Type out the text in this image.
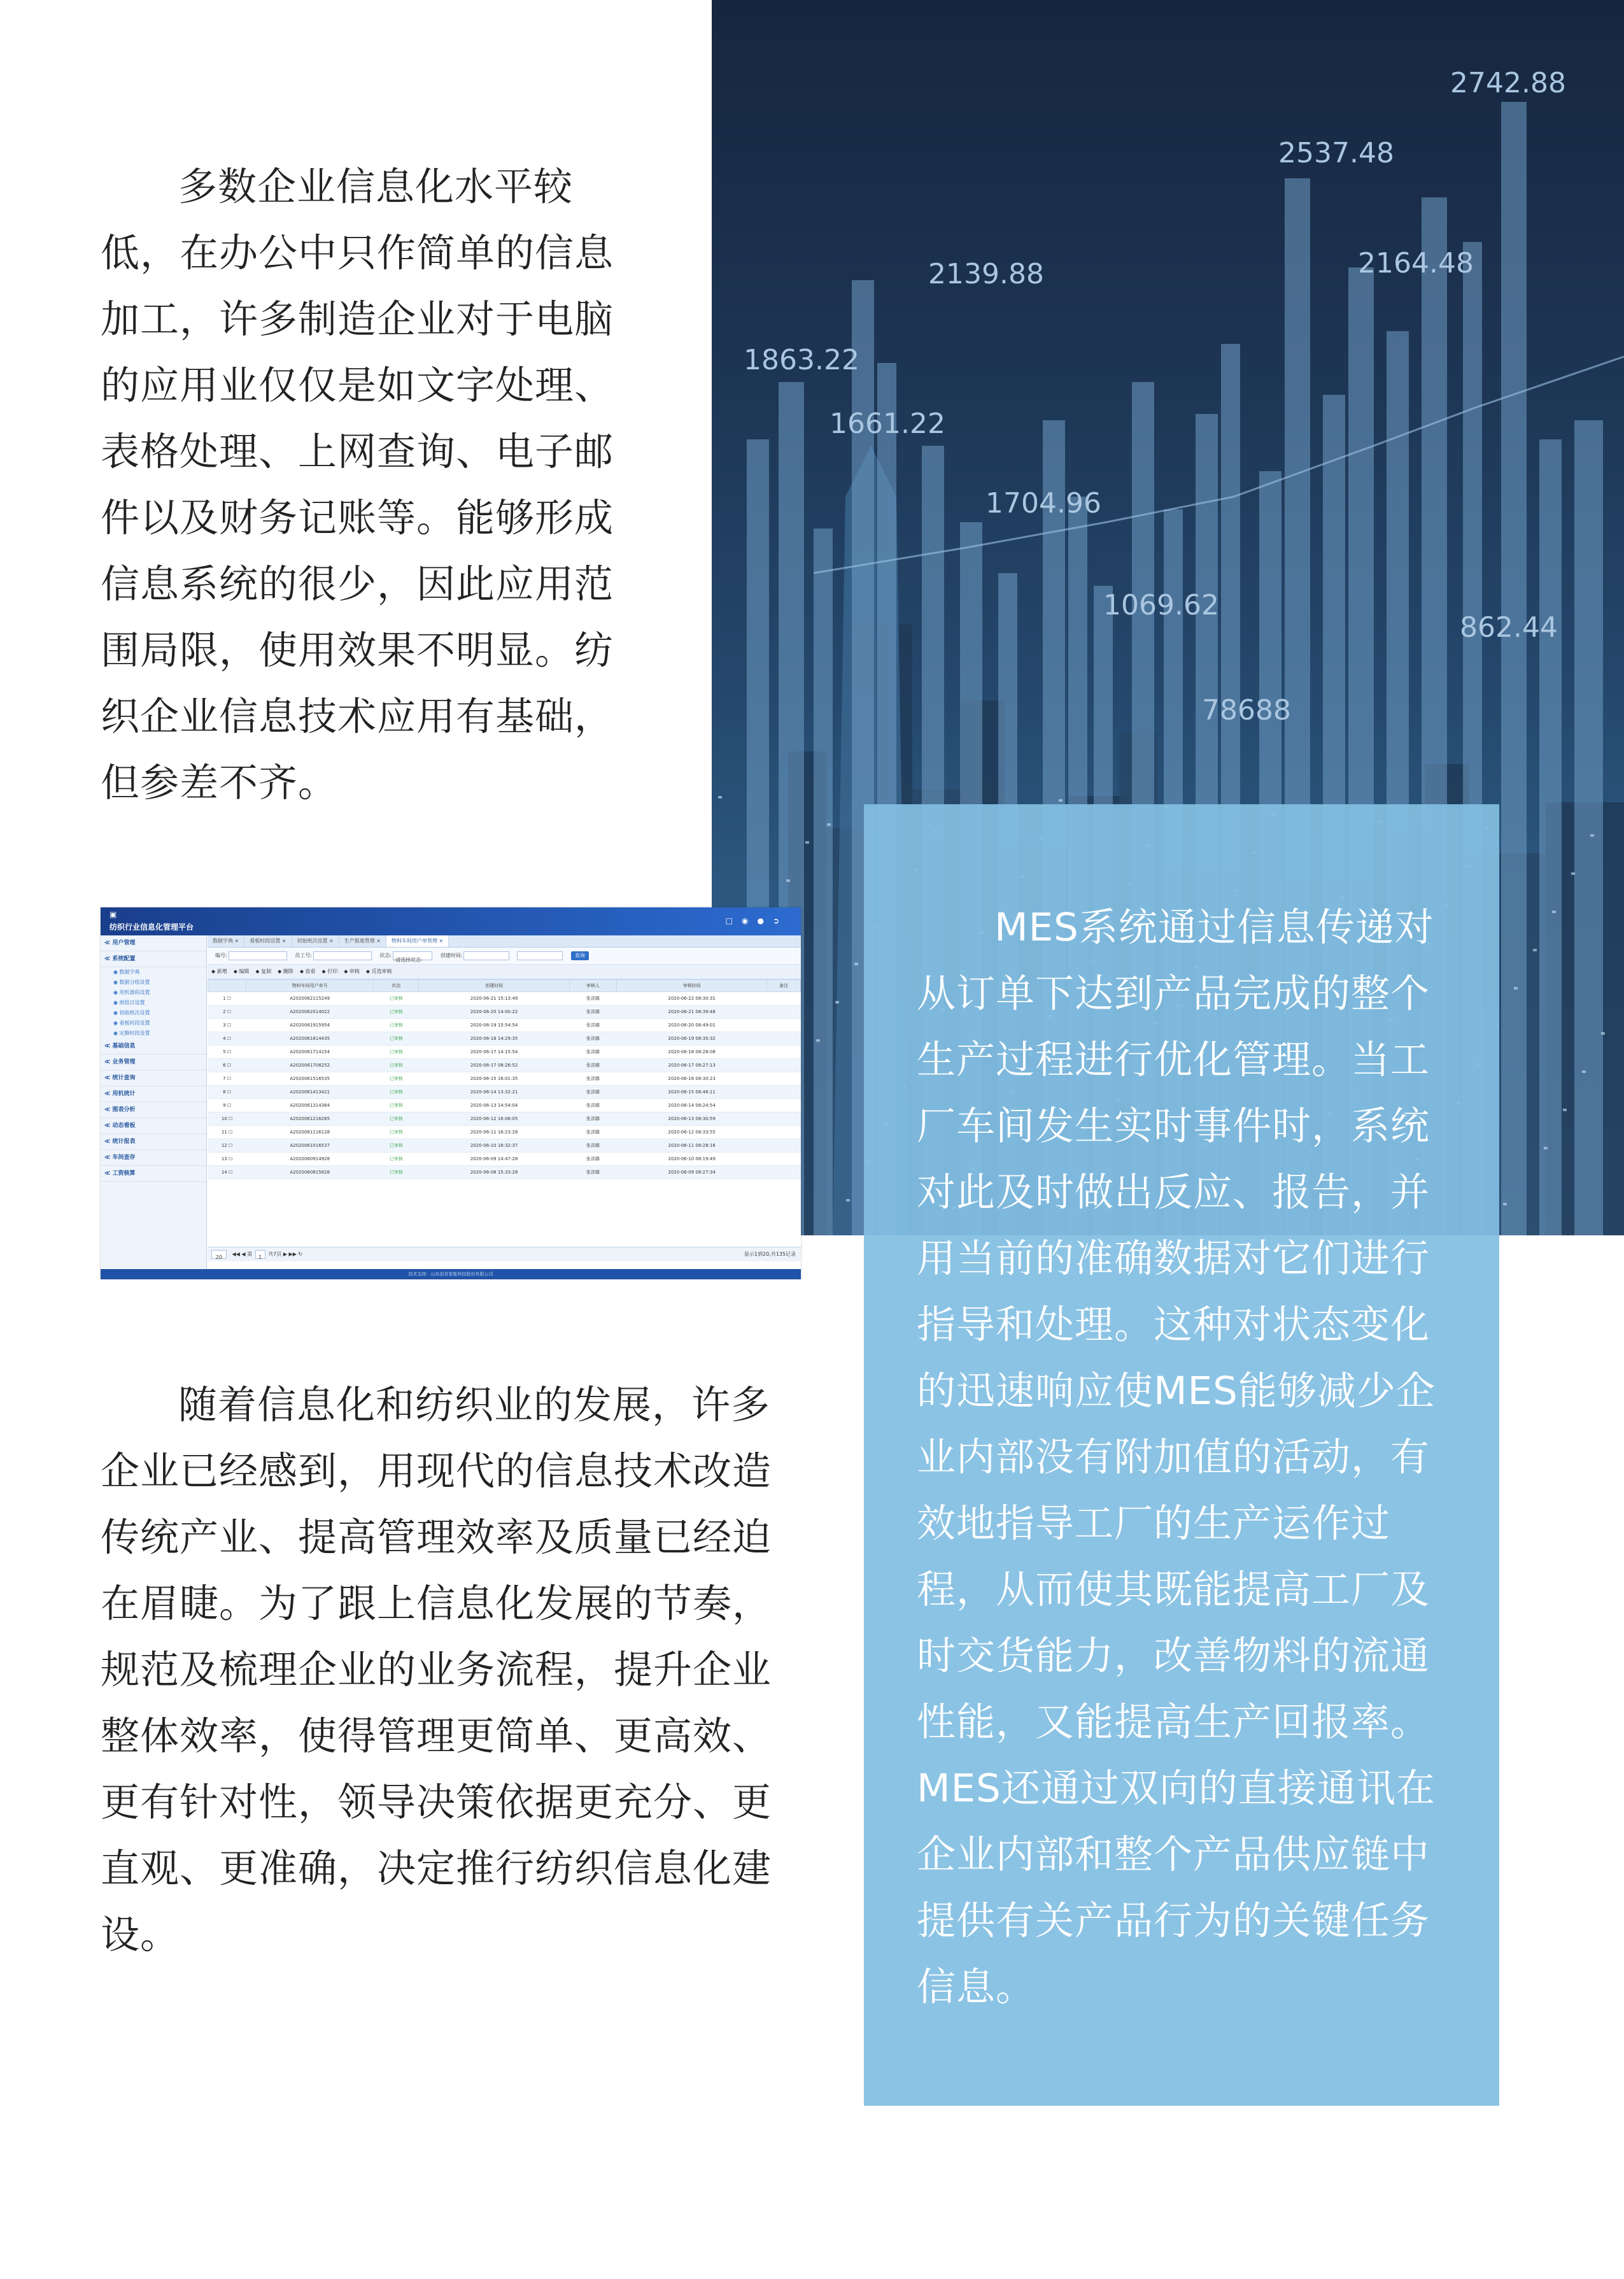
多数企业信息化水平较低，在办公中只作简单的信息加工，许多制造企业对于电脑的应用业仅仅是如文字处理、表格处理、上网查询、电子邮件以及财务记账等。能够形成信息系统的很少，因此应用范围局限，使用效果不明显。纺织企业信息技术应用有基础，但参差不齐。

2742.88
2537.48
2164.48
2139.88
1863.22
1661.22
1704.96
1069.62
862.44
78688
▣
纺织行业信息化管理平台
□◉●➲
≪ 用户管理
≪ 系统配置
◉ 数据字典
◉ 数据分组设置
◉ 用机器码设置
◉ 班组日设置
◉ 初始班次设置
◉ 看板时段设置
◉ 定额时段设置
≪ 基础信息
≪ 业务管理
≪ 统计查询
≪ 用机统计
≪ 图表分析
≪ 动态看板
≪ 统计报表
≪ 车间查存
≪ 工资核算
数据字典 × 看板时段设置 × 初始班次设置 × 生产报废管理 × 物料车间用户单管理 ×
编号:	员工号:	状态:-请选择状态- 创建时间:	查询
◆ 新增 ◆ 编辑 ◆ 复制 ◆ 删除 ◆ 查看 ◆ 打印 ◆ 审核 ◆ 反选审核
	物料车间用户单号	状态	创建时间	审核人	审核时间	备注
1 ☐	A2020062115249	已审核	2020-06-21 15:13:49	张洪娜	2020-06-22 08:30:31	
2 ☐	A2020062014022	已审核	2020-06-20 14:00:22	张洪娜	2020-06-21 08:39:48	
3 ☐	A2020061915954	已审核	2020-06-19 15:54:54	张洪娜	2020-06-20 08:49:01	
4 ☐	A2020061814435	已审核	2020-06-18 14:29:35	张洪娜	2020-06-19 08:35:32	
5 ☐	A2020061714154	已审核	2020-06-17 14:15:54	张洪娜	2020-06-18 08:28:08	
6 ☐	A2020061708252	已审核	2020-06-17 08:26:52	张洪娜	2020-06-17 08:27:13	
7 ☐	A2020061516535	已审核	2020-06-15 16:01:35	张洪娜	2020-06-16 08:30:23	
8 ☐	A2020061413421	已审核	2020-06-14 13:32:21	张洪娜	2020-06-15 08:46:11	
9 ☐	A2020061314364	已审核	2020-06-13 14:54:04	张洪娜	2020-06-14 08:24:54	
10 ☐	A2020061216265	已审核	2020-06-12 16:08:05	张洪娜	2020-06-13 08:30:59	
11 ☐	A2020061116128	已审核	2020-06-11 16:23:28	张洪娜	2020-06-12 08:33:55	
12 ☐	A2020061016537	已审核	2020-06-10 16:32:37	张洪娜	2020-06-11 08:28:16	
13 ☐	A2020060914928	已审核	2020-06-09 14:47:28	张洪娜	2020-06-10 08:19:49	
14 ☐	A2020060815828	已审核	2020-06-08 15:33:28	张洪娜	2020-06-09 08:27:34	
20 ◀◀ ◀ 第 1 共7页 ▶ ▶▶ ↻	显示1到20,共135记录
技术支持：山东信息智能科技股份有限公司

随着信息化和纺织业的发展，许多企业已经感到，用现代的信息技术改造传统产业、提高管理效率及质量已经迫在眉睫。为了跟上信息化发展的节奏，规范及梳理企业的业务流程，提升企业整体效率，使得管理更简单、更高效、更有针对性，领导决策依据更充分、更直观、更准确，决定推行纺织信息化建设。

MES系统通过信息传递对从订单下达到产品完成的整个生产过程进行优化管理。当工厂车间发生实时事件时，系统对此及时做出反应、报告，并用当前的准确数据对它们进行指导和处理。这种对状态变化的迅速响应使MES能够减少企业内部没有附加值的活动，有效地指导工厂的生产运作过程，从而使其既能提高工厂及时交货能力，改善物料的流通性能，又能提高生产回报率。MES还通过双向的直接通讯在企业内部和整个产品供应链中提供有关产品行为的关键任务信息。
